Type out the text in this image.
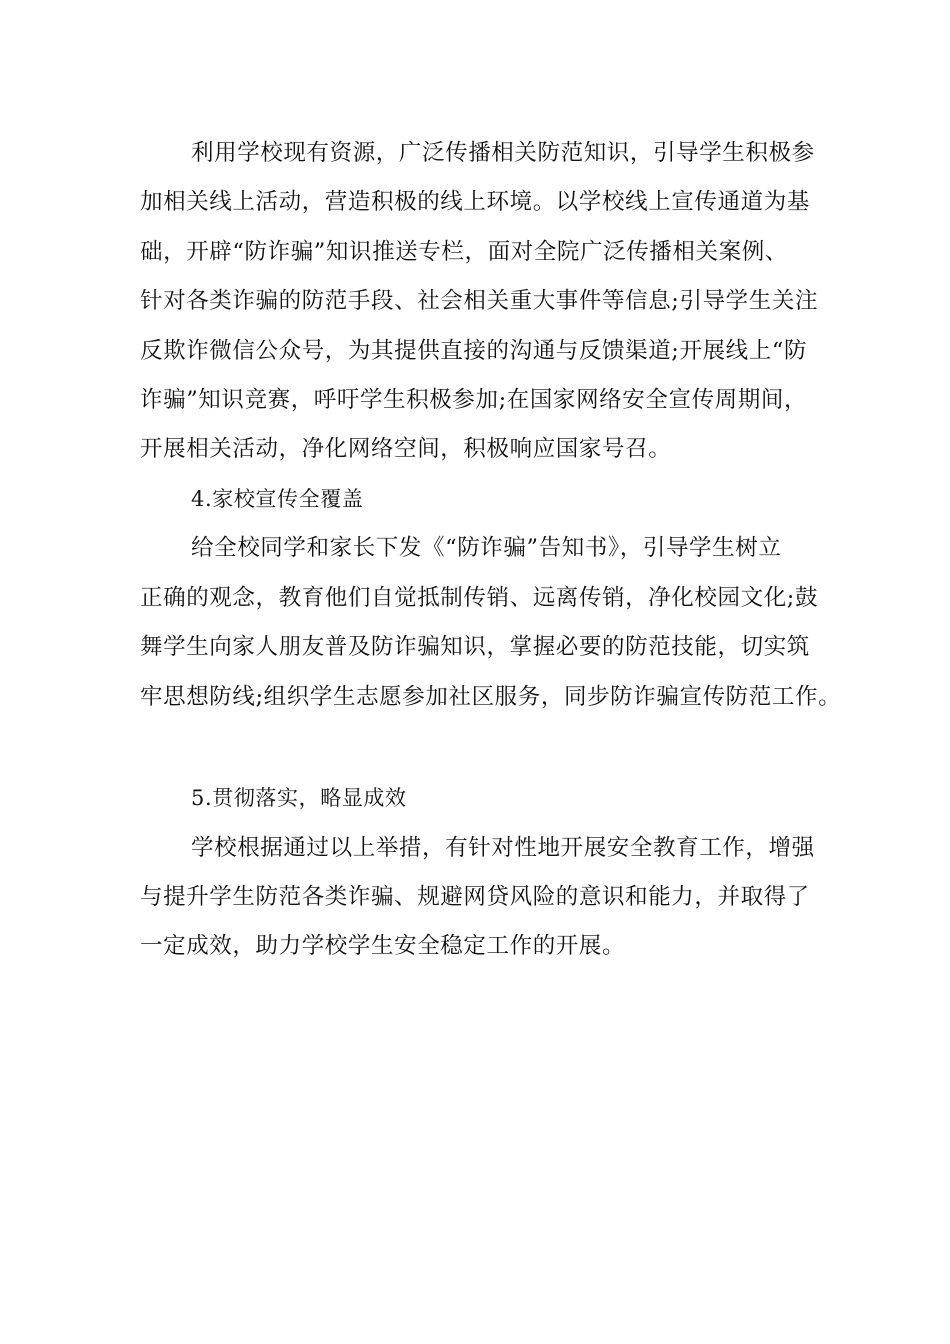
利用学校现有资源，广泛传播相关防范知识，引导学生积极参
加相关线上活动，营造积极的线上环境。以学校线上宣传通道为基
础，开辟“防诈骗”知识推送专栏，面对全院广泛传播相关案例、
针对各类诈骗的防范手段、社会相关重大事件等信息;引导学生关注
反欺诈微信公众号，为其提供直接的沟通与反馈渠道;开展线上“防
诈骗”知识竞赛，呼吁学生积极参加;在国家网络安全宣传周期间，
开展相关活动，净化网络空间，积极响应国家号召。
4.家校宣传全覆盖
给全校同学和家长下发《“防诈骗”告知书》，引导学生树立
正确的观念，教育他们自觉抵制传销、远离传销，净化校园文化;鼓
舞学生向家人朋友普及防诈骗知识，掌握必要的防范技能，切实筑
牢思想防线;组织学生志愿参加社区服务，同步防诈骗宣传防范工作。
5.贯彻落实，略显成效
学校根据通过以上举措，有针对性地开展安全教育工作，增强
与提升学生防范各类诈骗、规避网贷风险的意识和能力，并取得了
一定成效，助力学校学生安全稳定工作的开展。
